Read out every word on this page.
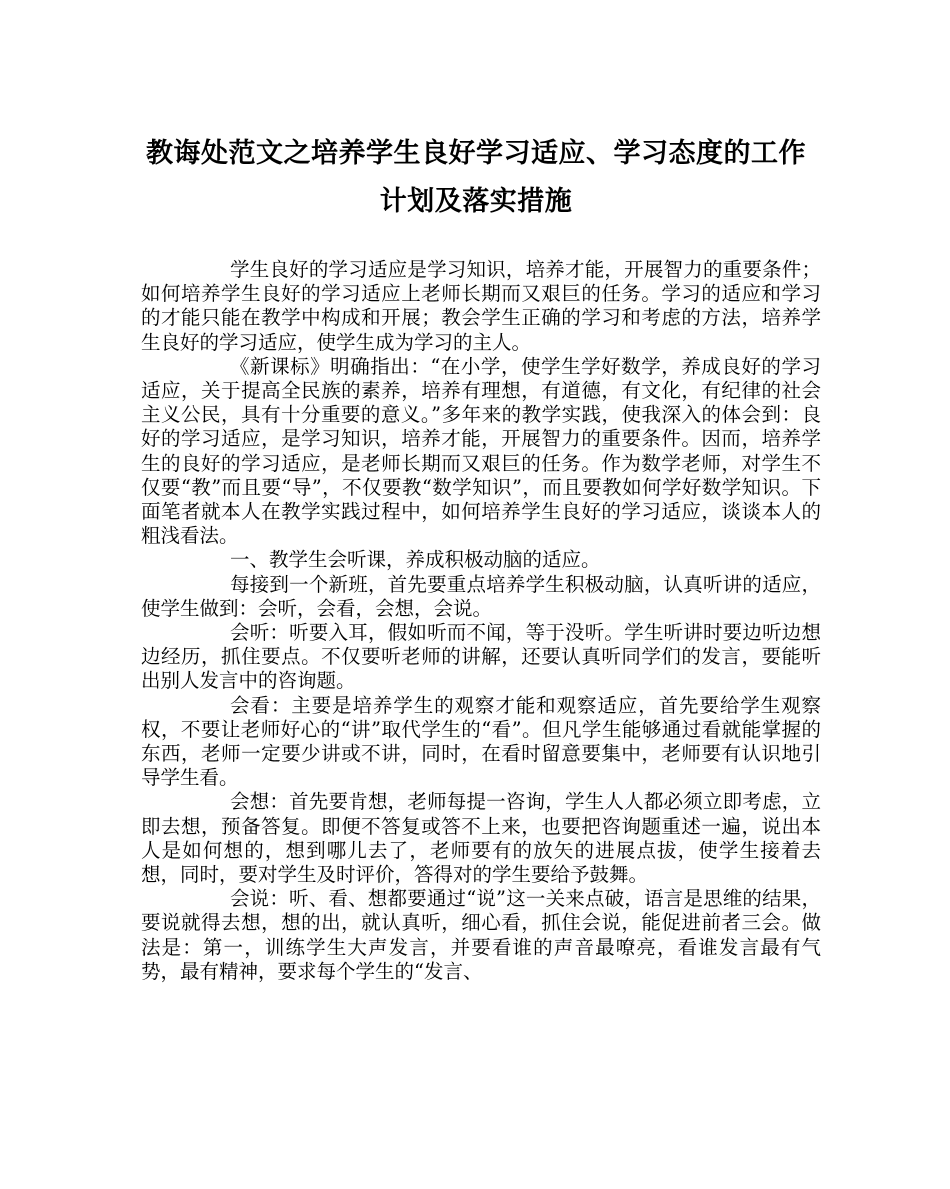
教诲处范文之培养学生良好学习适应、学习态度的工作
计划及落实措施

学生良好的学习适应是学习知识，培养才能，开展智力的重要条件；如何培养学生良好的学习适应上老师长期而又艰巨的任务。学习的适应和学习的才能只能在教学中构成和开展；教会学生正确的学习和考虑的方法，培养学生良好的学习适应，使学生成为学习的主人。

《新课标》明确指出：“在小学，使学生学好数学，养成良好的学习适应，关于提高全民族的素养，培养有理想，有道德，有文化，有纪律的社会主义公民，具有十分重要的意义。”多年来的教学实践，使我深入的体会到：良好的学习适应，是学习知识，培养才能，开展智力的重要条件。因而，培养学生的良好的学习适应，是老师长期而又艰巨的任务。作为数学老师，对学生不仅要“教”而且要“导”，不仅要教“数学知识”，而且要教如何学好数学知识。下面笔者就本人在教学实践过程中，如何培养学生良好的学习适应，谈谈本人的粗浅看法。

一、教学生会听课，养成积极动脑的适应。

每接到一个新班，首先要重点培养学生积极动脑，认真听讲的适应，使学生做到：会听，会看，会想，会说。

会听：听要入耳，假如听而不闻，等于没听。学生听讲时要边听边想边经历，抓住要点。不仅要听老师的讲解，还要认真听同学们的发言，要能听出别人发言中的咨询题。

会看：主要是培养学生的观察才能和观察适应，首先要给学生观察权，不要让老师好心的“讲”取代学生的“看”。但凡学生能够通过看就能掌握的东西，老师一定要少讲或不讲，同时，在看时留意要集中，老师要有认识地引导学生看。

会想：首先要肯想，老师每提一咨询，学生人人都必须立即考虑，立即去想，预备答复。即便不答复或答不上来，也要把咨询题重述一遍，说出本人是如何想的，想到哪儿去了，老师要有的放矢的进展点拔，使学生接着去想，同时，要对学生及时评价，答得对的学生要给予鼓舞。

会说：听、看、想都要通过“说”这一关来点破，语言是思维的结果，要说就得去想，想的出，就认真听，细心看，抓住会说，能促进前者三会。做法是：第一，训练学生大声发言，并要看谁的声音最嘹亮，看谁发言最有气势，最有精神，要求每个学生的“发言、
